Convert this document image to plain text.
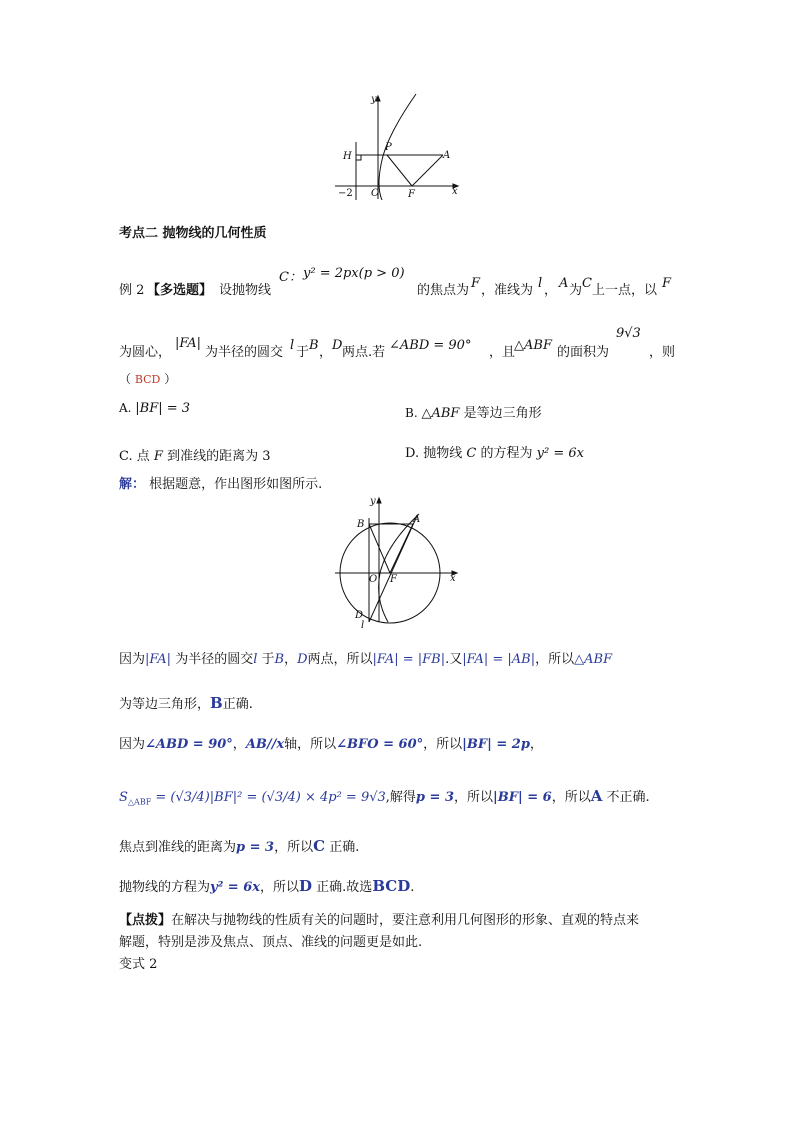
y
P
A
H
−2 O	F	x
考点二 抛物线的几何性质
例 2 【多选题】 设抛物线
C： y² = 2px(p > 0)
的焦点为 F ，准线为 l ， A 为 C 上一点，以 F
为圆心，
|FA|
为半径的圆交 l 于 B ， D 两点.若 ∠ABD = 90° ，且
△ABF 的面积为
9√3
，则
（ BCD ）
A. |BF| = 3	B. △ABF 是等边三角形
C. 点 F 到准线的距离为 3	D. 抛物线 C 的方程为 y² = 6x
解： 根据题意，作出图形如图所示.
y
B	A
O F	x
D
l
因为|FA| 为半径的圆交l 于B，D两点，所以|FA| = |FB|.又|FA| = |AB|，所以△ABF
为等边三角形，B正确.
因为∠ABD = 90°，AB//x轴，所以∠BFO = 60°，所以|BF| = 2p，
$S_{\triangle ABF} = (√3/4)|BF|^2 = (√3/4) \times 4p^2 = 9√3$,解得p = 3，所以|BF| = 6，所以A 不正确.
焦点到准线的距离为p = 3，所以C 正确.
抛物线的方程为y² = 6x，所以D 正确.故选BCD.
【点拨】在解决与抛物线的性质有关的问题时，要注意利用几何图形的形象、直观的特点来
解题，特别是涉及焦点、顶点、准线的问题更是如此.
变式 2
